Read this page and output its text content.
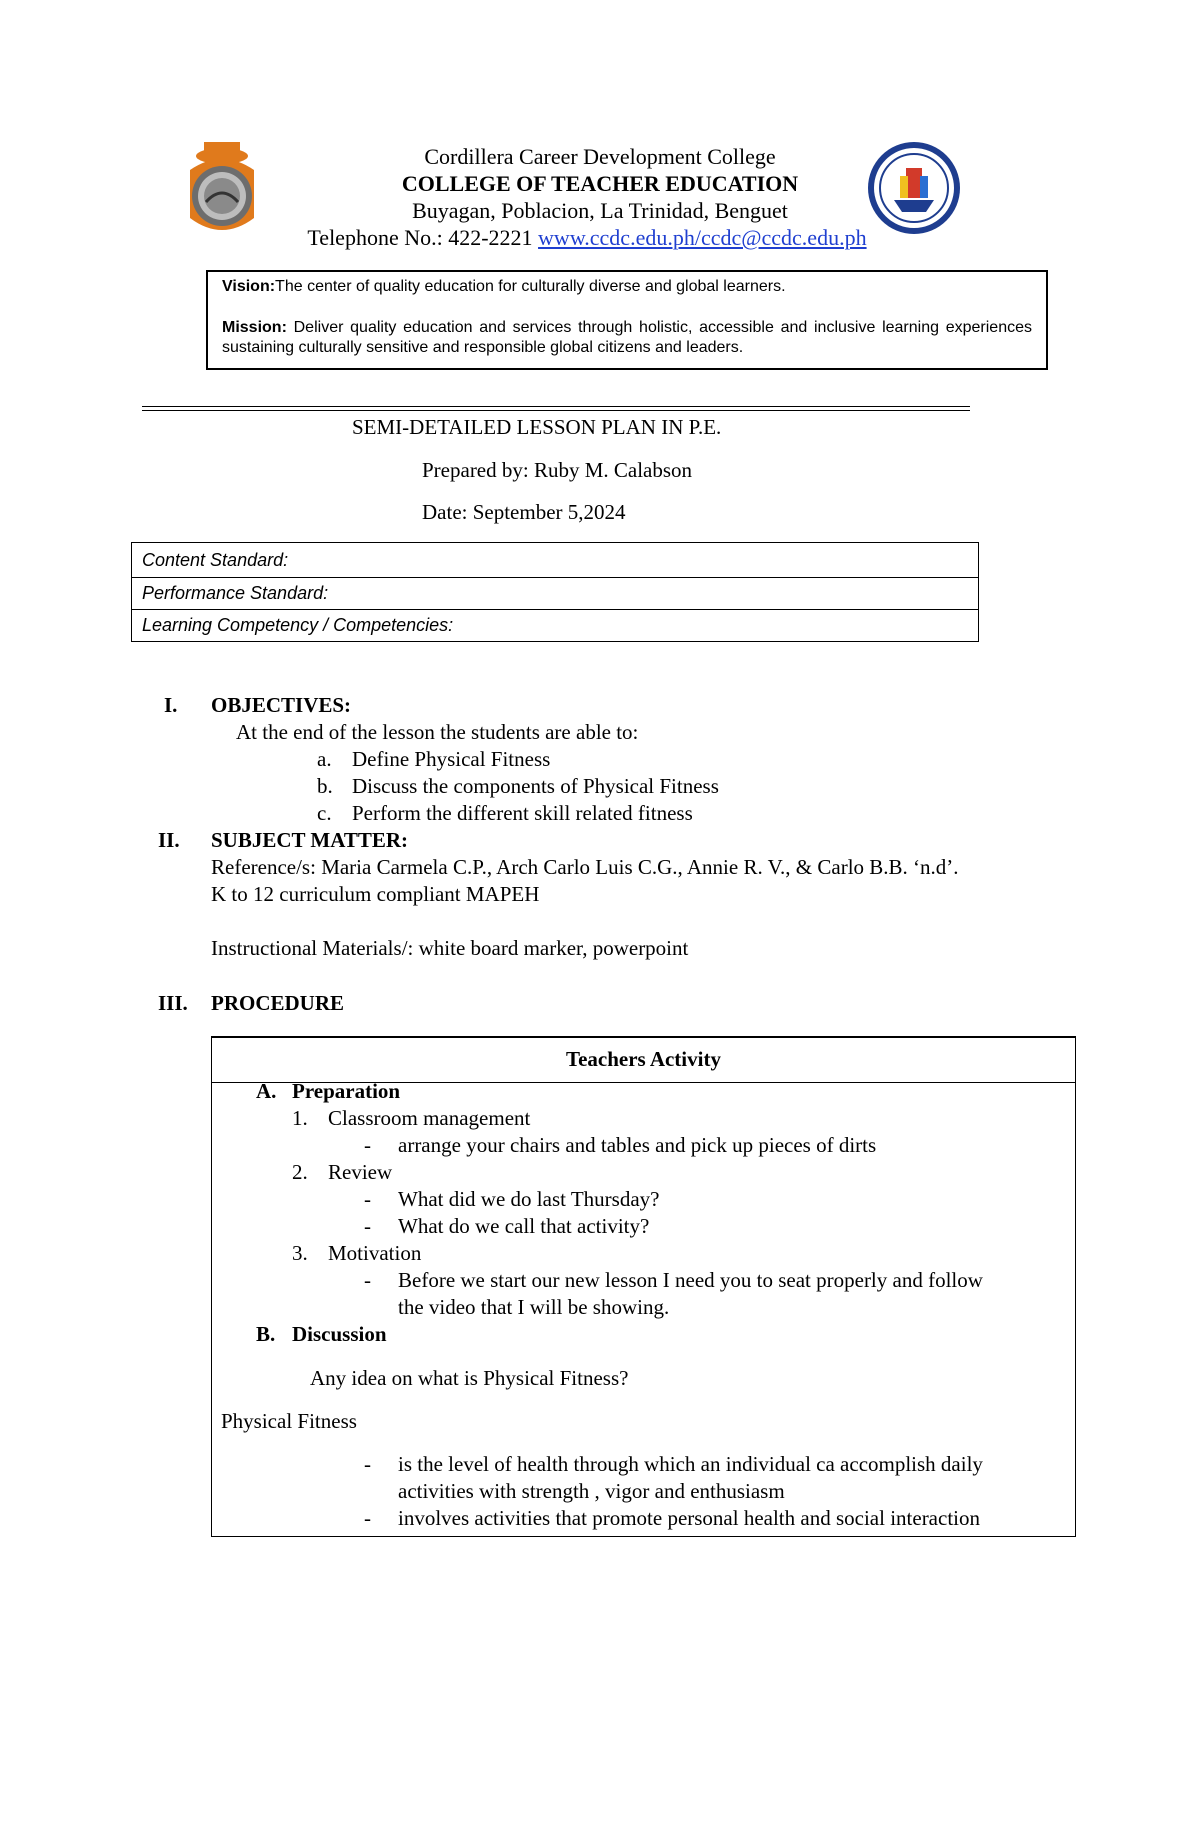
Cordillera Career Development College
COLLEGE OF TEACHER EDUCATION
Buyagan, Poblacion, La Trinidad, Benguet
Telephone No.: 422-2221 www.ccdc.edu.ph/ccdc@ccdc.edu.ph

Vision:The center of quality education for culturally diverse and global learners.

Mission: Deliver quality education and services through holistic, accessible and inclusive learning experiences sustaining culturally sensitive and responsible global citizens and leaders.

SEMI-DETAILED LESSON PLAN IN P.E.
Prepared by: Ruby M. Calabson
Date: September 5,2024
Content Standard:
Performance Standard:
Learning Competency / Competencies:
I. OBJECTIVES:
At the end of the lesson the students are able to:
a. Define Physical Fitness
b. Discuss the components of Physical Fitness
c. Perform the different skill related fitness
II. SUBJECT MATTER:
Reference/s: Maria Carmela C.P., Arch Carlo Luis C.G., Annie R. V., & Carlo B.B. ‘n.d’.
K to 12 curriculum compliant MAPEH
Instructional Materials/: white board marker, powerpoint
III. PROCEDURE
Teachers Activity
A. Preparation
1. Classroom management
- arrange your chairs and tables and pick up pieces of dirts
2. Review
- What did we do last Thursday?
- What do we call that activity?
3. Motivation
- Before we start our new lesson I need you to seat properly and follow
the video that I will be showing.
B. Discussion
Any idea on what is Physical Fitness?
Physical Fitness
- is the level of health through which an individual ca accomplish daily
activities with strength , vigor and enthusiasm
- involves activities that promote personal health and social interaction
